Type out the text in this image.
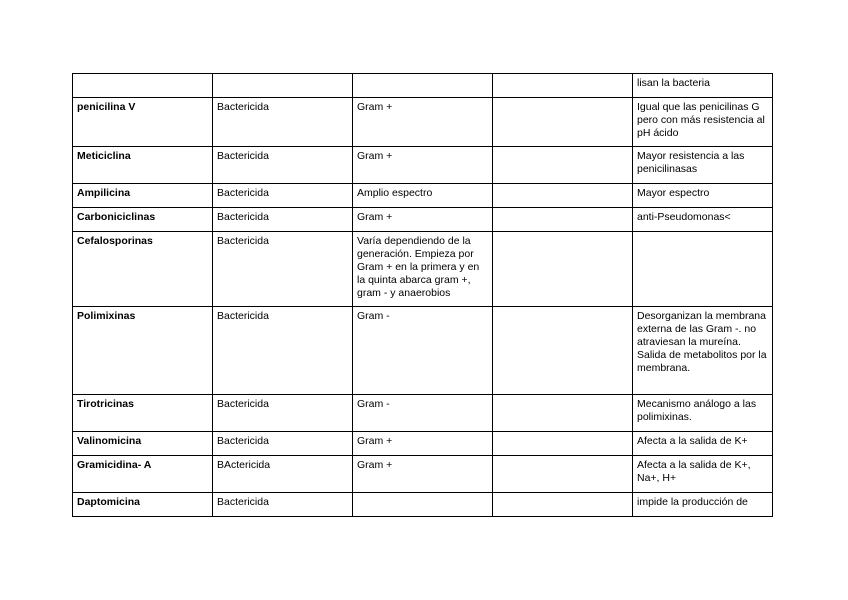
				lisan la bacteria
penicilina V	Bactericida	Gram +		Igual que las penicilinas G pero con más resistencia al pH ácido
Meticiclina	Bactericida	Gram +		Mayor resistencia a las penicilinasas
Ampilicina	Bactericida	Amplio espectro		Mayor espectro
Carboniciclinas	Bactericida	Gram +		anti-Pseudomonas<
Cefalosporinas	Bactericida	Varía dependiendo de la generación. Empieza por Gram + en la primera y en la quinta abarca gram +, gram - y anaerobios		
Polimixinas	Bactericida	Gram -		Desorganizan la membrana externa de las Gram -. no atraviesan la mureína. Salida de metabolitos por la membrana.
Tirotricinas	Bactericida	Gram -		Mecanismo análogo a las polimixinas.
Valinomicina	Bactericida	Gram +		Afecta a la salida de K+
Gramicidina- A	BActericida	Gram +		Afecta a la salida de K+, Na+, H+
Daptomicina	Bactericida			impide la producción de
